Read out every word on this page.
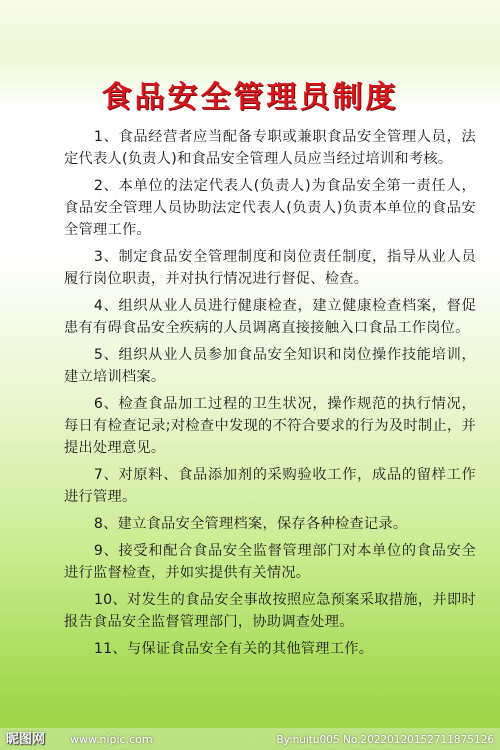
食品安全管理员制度
1、食品经营者应当配备专职或兼职食品安全管理人员，法定代表人(负责人)和食品安全管理人员应当经过培训和考核。
2、本单位的法定代表人(负责人)为食品安全第一责任人，食品安全管理人员协助法定代表人(负责人)负责本单位的食品安全管理工作。
3、制定食品安全管理制度和岗位责任制度，指导从业人员履行岗位职责，并对执行情况进行督促、检查。
4、组织从业人员进行健康检查，建立健康检查档案，督促患有有碍食品安全疾病的人员调离直接接触入口食品工作岗位。
5、组织从业人员参加食品安全知识和岗位操作技能培训，建立培训档案。
6、检查食品加工过程的卫生状况，操作规范的执行情况，每日有检查记录;对检查中发现的不符合要求的行为及时制止，并提出处理意见。
7、对原料、食品添加剂的采购验收工作，成品的留样工作进行管理。
8、建立食品安全管理档案，保存各种检查记录。
9、接受和配合食品安全监督管理部门对本单位的食品安全进行监督检查，并如实提供有关情况。
10、对发生的食品安全事故按照应急预案采取措施，并即时报告食品安全监督管理部门，协助调查处理。
11、与保证食品安全有关的其他管理工作。
昵图网 www.nipic.com	By:huitu005 No.20220120152711875126
